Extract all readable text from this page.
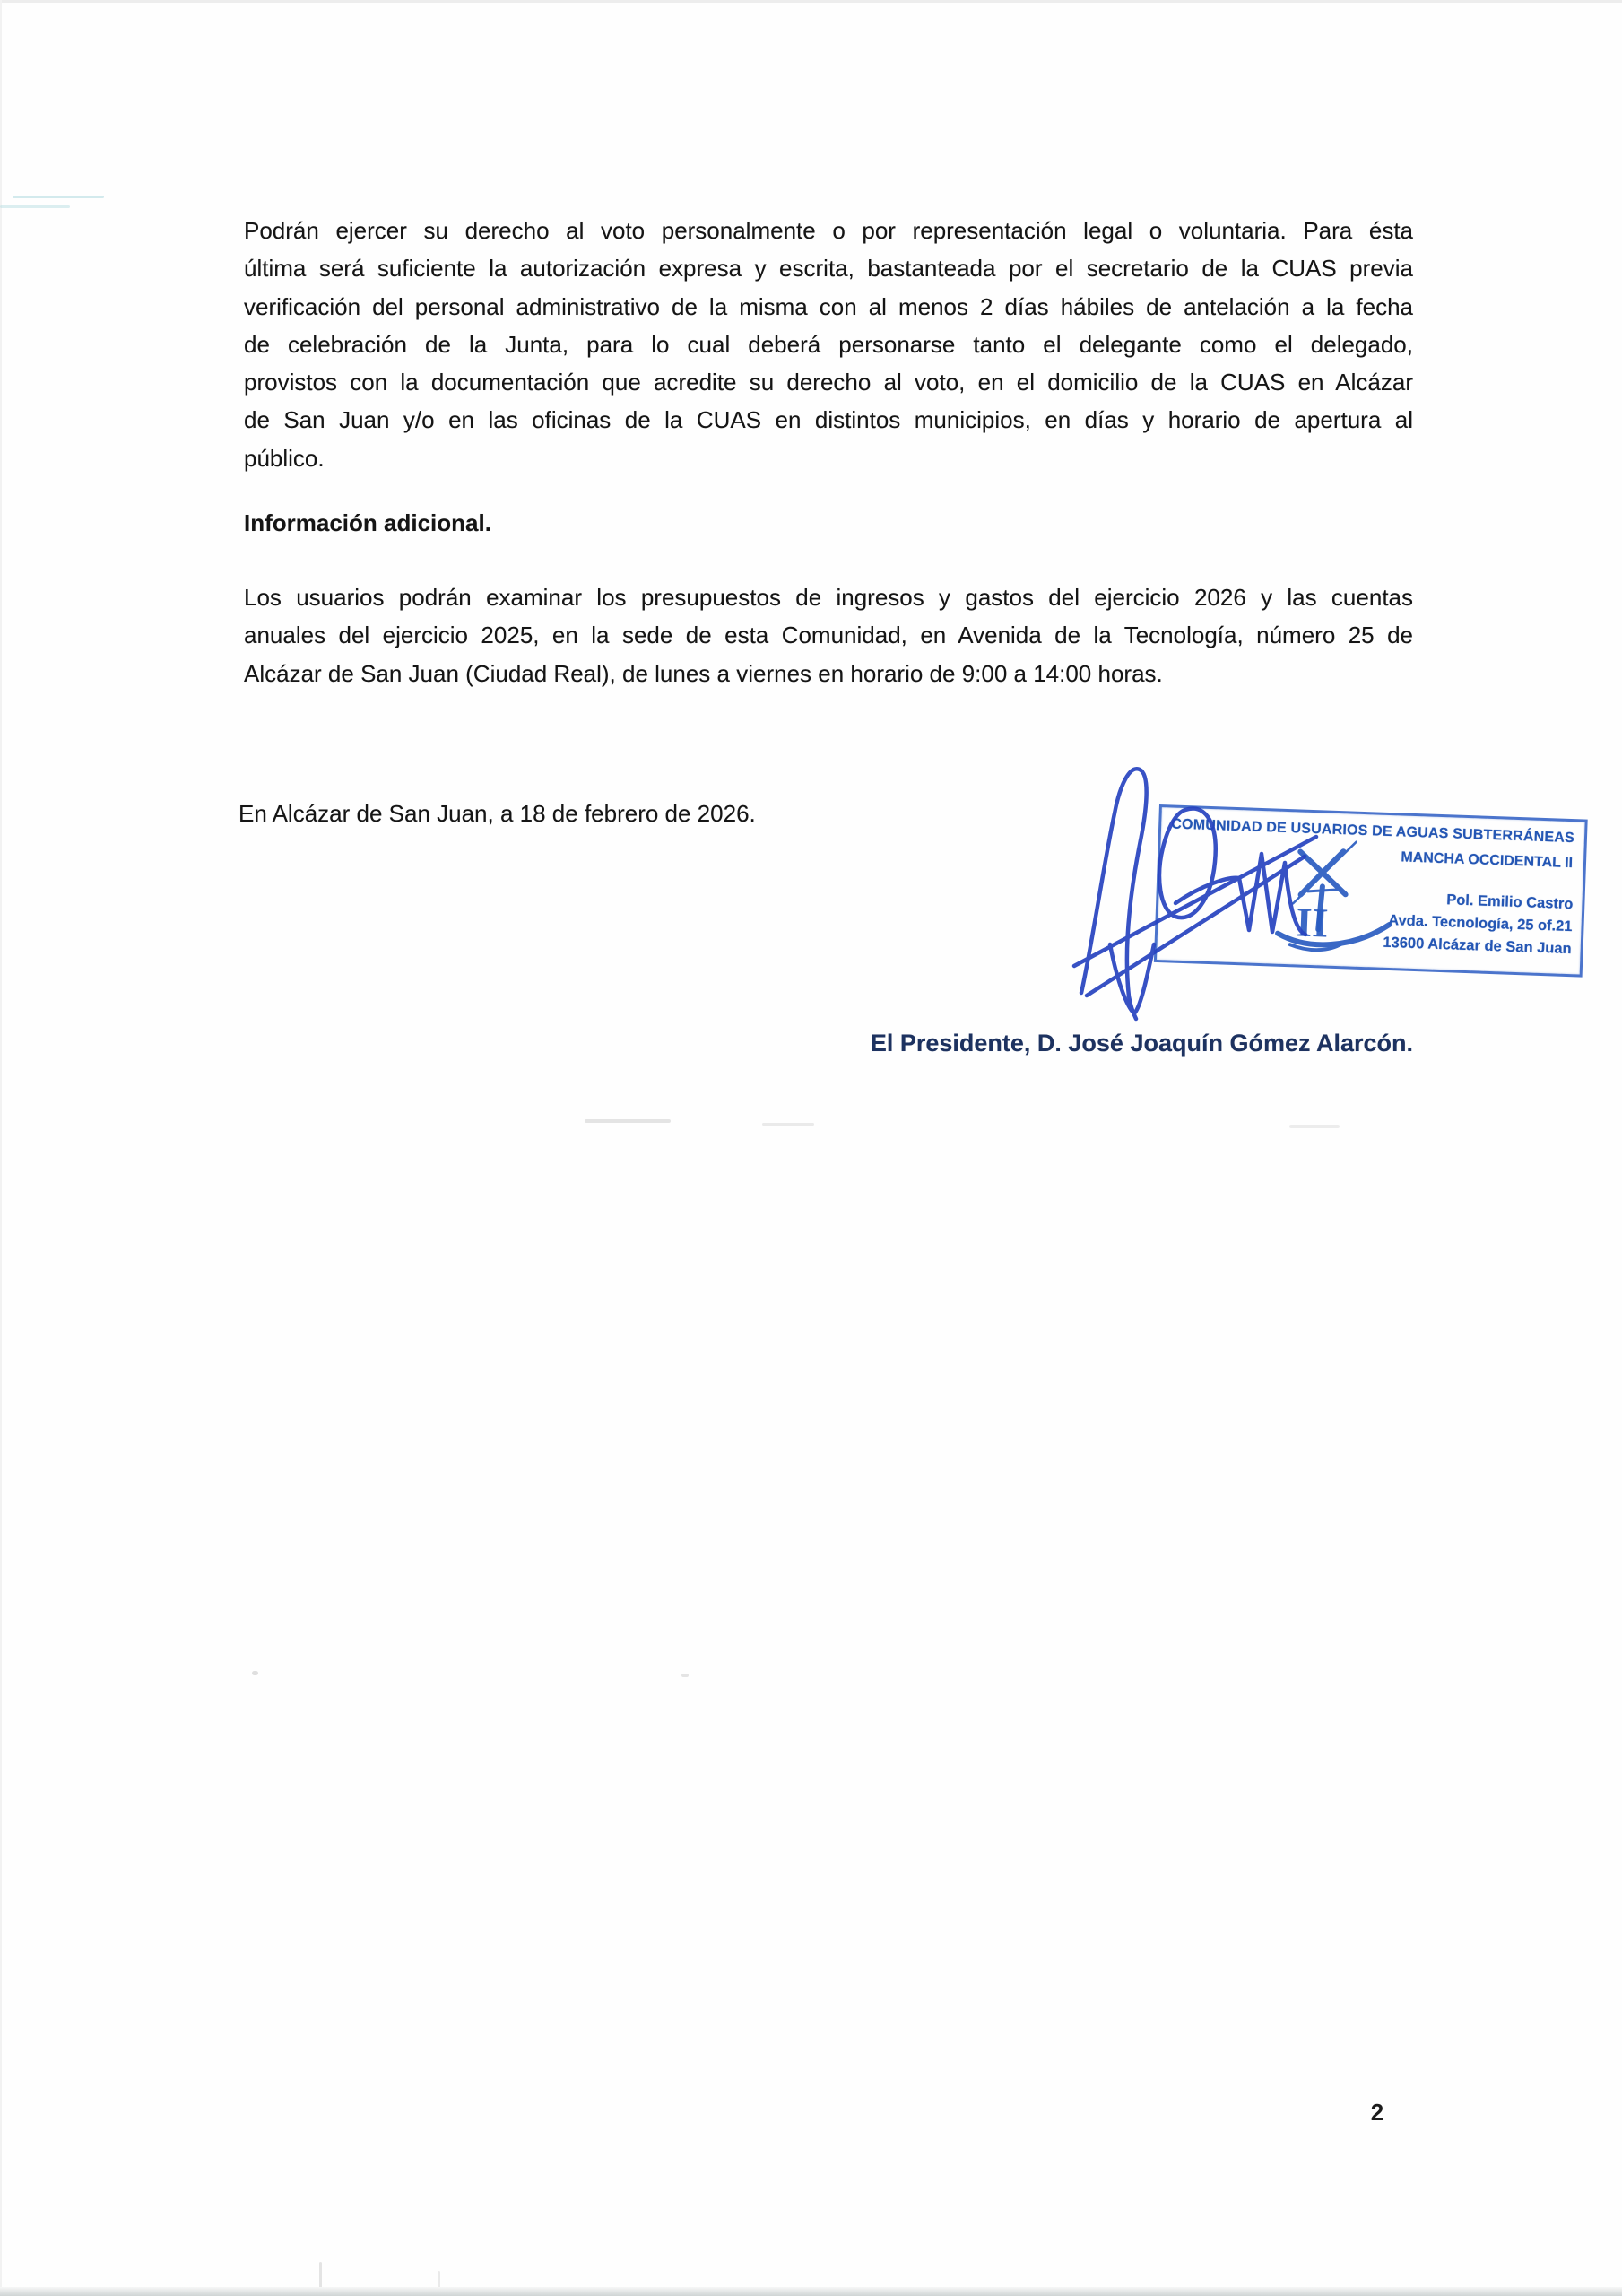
Podrán ejercer su derecho al voto personalmente o por representación legal o voluntaria. Para ésta
última será suficiente la autorización expresa y escrita, bastanteada por el secretario de la CUAS previa
verificación del personal administrativo de la misma con al menos 2 días hábiles de antelación a la fecha
de celebración de la Junta, para lo cual deberá personarse tanto el delegante como el delegado,
provistos con la documentación que acredite su derecho al voto, en el domicilio de la CUAS en Alcázar
de San Juan y/o en las oficinas de la CUAS en distintos municipios, en días y horario de apertura al
público.
Información adicional.
Los usuarios podrán examinar los presupuestos de ingresos y gastos del ejercicio 2026 y las cuentas
anuales del ejercicio 2025, en la sede de esta Comunidad, en Avenida de la Tecnología, número 25 de
Alcázar de San Juan (Ciudad Real), de lunes a viernes en horario de 9:00 a 14:00 horas.
En Alcázar de San Juan, a 18 de febrero de 2026.
COMUNIDAD DE USUARIOS DE AGUAS SUBTERRÁNEAS
MANCHA OCCIDENTAL II
Pol. Emilio Castro
Avda. Tecnología, 25 of.21
13600 Alcázar de San Juan
II
El Presidente, D. José Joaquín Gómez Alarcón.
2
